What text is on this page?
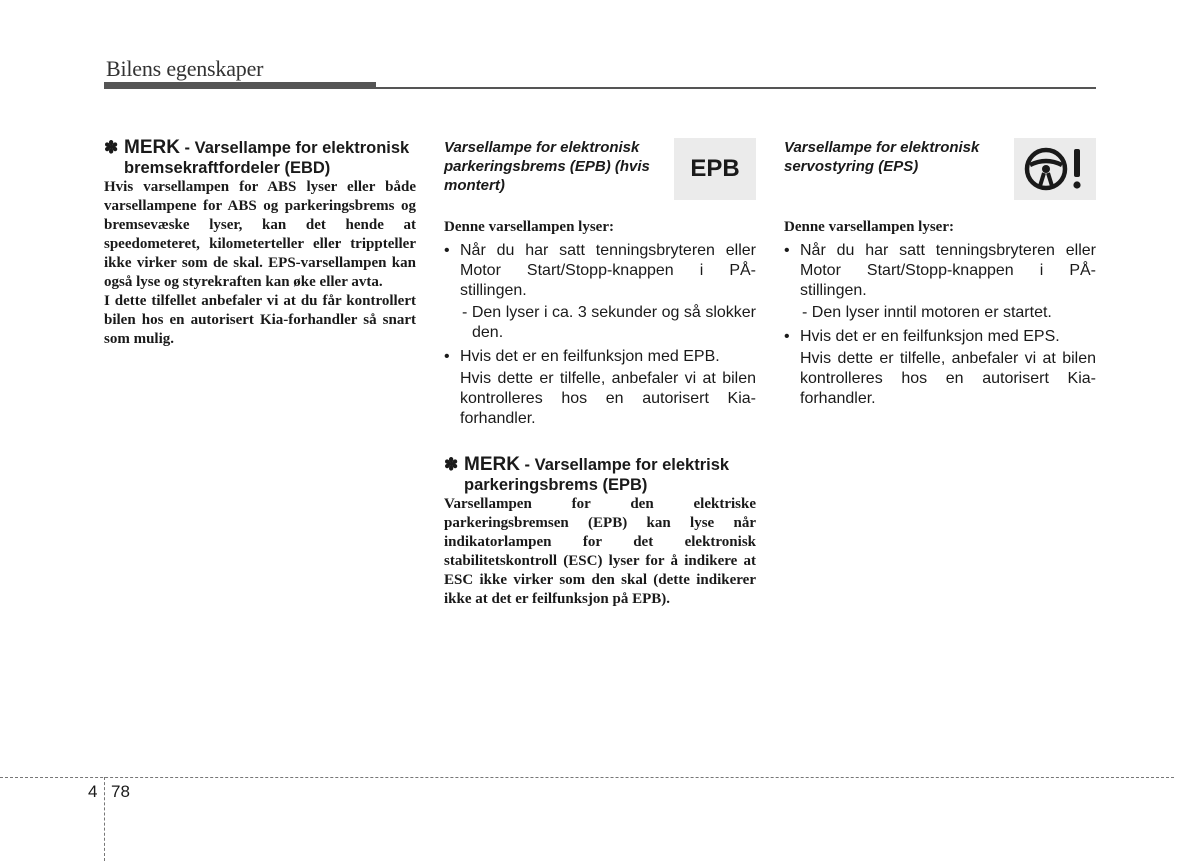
Bilens egenskaper
✽ MERK - Varsellampe for elektronisk bremsekraftfordeler (EBD)

Hvis varsellampen for ABS lyser eller både varsellampene for ABS og parkeringsbrems og bremsevæske lyser, kan det hende at speedometeret, kilometerteller eller trippteller ikke virker som de skal. EPS-varsellampen kan også lyse og styrekraften kan øke eller avta.

I dette tilfellet anbefaler vi at du får kontrollert bilen hos en autorisert Kia-forhandler så snart som mulig.

Varsellampe for elektronisk parkeringsbrems (EPB) (hvis montert)
EPB
Denne varsellampen lyser:
• Når du har satt tenningsbryteren eller Motor Start/Stopp-knappen i PÅ-stillingen.
- Den lyser i ca. 3 sekunder og så slokker den.
• Hvis det er en feilfunksjon med EPB.
Hvis dette er tilfelle, anbefaler vi at bilen kontrolleres hos en autorisert Kia-forhandler.
✽ MERK - Varsellampe for elektrisk parkeringsbrems (EPB)

Varsellampen for den elektriske parkeringsbremsen (EPB) kan lyse når indikatorlampen for det elektronisk stabilitetskontroll (ESC) lyser for å indikere at ESC ikke virker som den skal (dette indikerer ikke at det er feilfunksjon på EPB).

Varsellampe for elektronisk servostyring (EPS)
Denne varsellampen lyser:
• Når du har satt tenningsbryteren eller Motor Start/Stopp-knappen i PÅ-stillingen.
- Den lyser inntil motoren er startet.
• Hvis det er en feilfunksjon med EPS.
Hvis dette er tilfelle, anbefaler vi at bilen kontrolleres hos en autorisert Kia-forhandler.
4 78
